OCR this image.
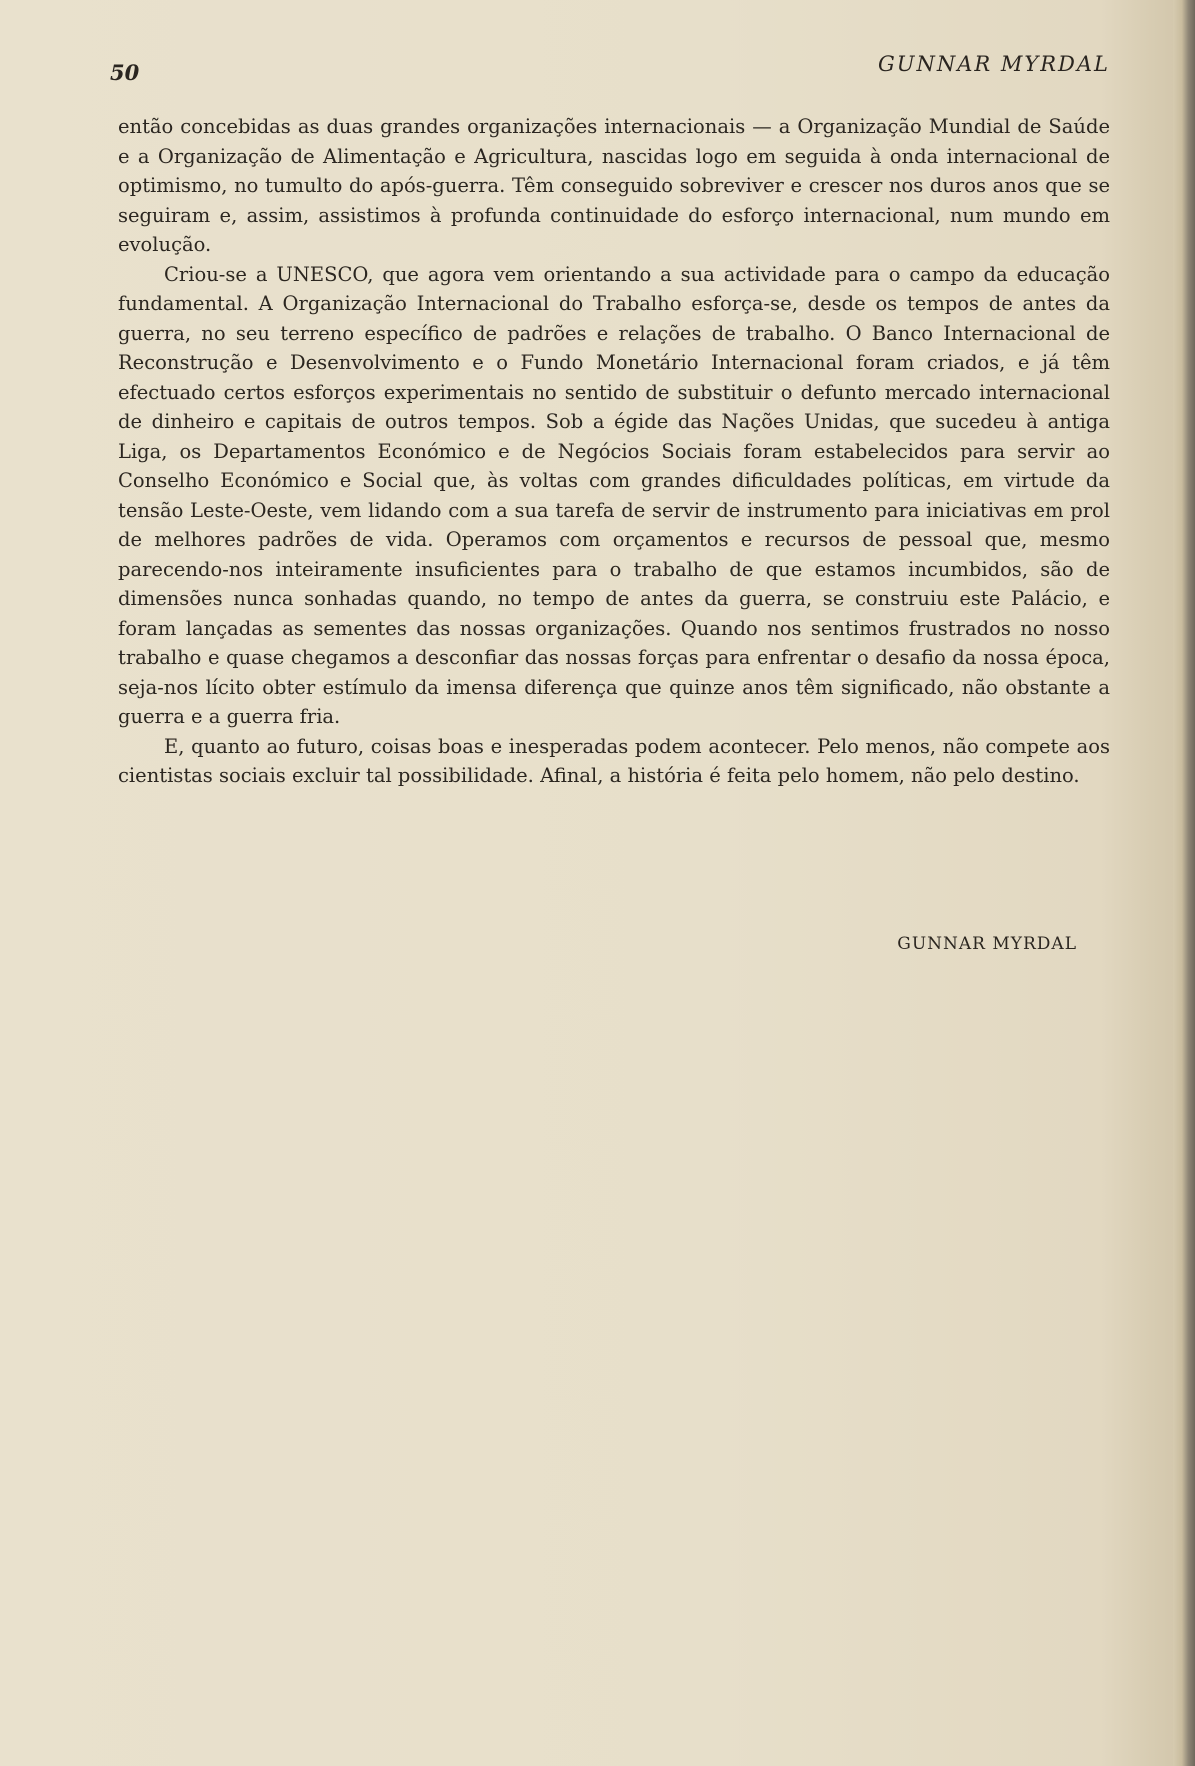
50	GUNNAR MYRDAL

então concebidas as duas grandes organizações internacionais — a Organização Mundial de Saúde e a Organização de Alimentação e Agricultura, nascidas logo em seguida à onda internacional de optimismo, no tumulto do após-guerra. Têm conseguido sobreviver e crescer nos duros anos que se seguiram e, assim, assistimos à profunda continuidade do esforço internacional, num mundo em evolução.

Criou-se a UNESCO, que agora vem orientando a sua actividade para o campo da educação fundamental. A Organização Internacional do Trabalho esforça-se, desde os tempos de antes da guerra, no seu terreno específico de padrões e relações de trabalho. O Banco Internacional de Reconstrução e Desenvolvimento e o Fundo Monetário Internacional foram criados, e já têm efectuado certos esforços experimentais no sentido de substituir o defunto mercado internacional de dinheiro e capitais de outros tempos. Sob a égide das Nações Unidas, que sucedeu à antiga Liga, os Departamentos Económico e de Negócios Sociais foram estabelecidos para servir ao Conselho Económico e Social que, às voltas com grandes dificuldades políticas, em virtude da tensão Leste-Oeste, vem lidando com a sua tarefa de servir de instrumento para iniciativas em prol de melhores padrões de vida. Operamos com orçamentos e recursos de pessoal que, mesmo parecendo-nos inteiramente insuficientes para o trabalho de que estamos incumbidos, são de dimensões nunca sonhadas quando, no tempo de antes da guerra, se construiu este Palácio, e foram lançadas as sementes das nossas organizações. Quando nos sentimos frustrados no nosso trabalho e quase chegamos a desconfiar das nossas forças para enfrentar o desafio da nossa época, seja-nos lícito obter estímulo da imensa diferença que quinze anos têm significado, não obstante a guerra e a guerra fria.

E, quanto ao futuro, coisas boas e inesperadas podem acontecer. Pelo menos, não compete aos cientistas sociais excluir tal possibilidade. Afinal, a história é feita pelo homem, não pelo destino.

GUNNAR MYRDAL
